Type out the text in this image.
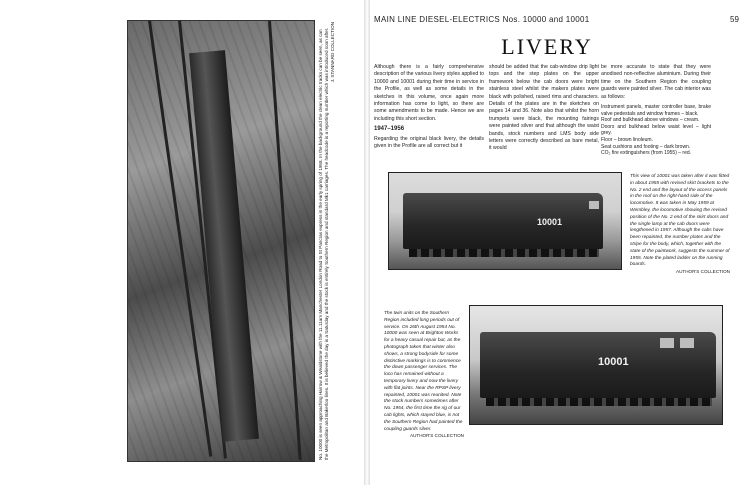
No. 10000 is seen approaching Harrow & Wealdstone with the 11.11am Manchester London Road to St Pancras express in the early spring of 1958. In the background the clean electric tracks can be seen, as can the Metropolitan and Bakerloo lines. It is believed the day is a Saturday and the stock is entirely Southern Region and standard Mk1 carriages. The headcode is a reporting number which was introduced soon after. J. STANNARD COLLECTION
MAIN LINE DIESEL-ELECTRICS Nos. 10000 and 10001	59
LIVERY

Although there is a fairly comprehensive description of the various livery styles applied to 10000 and 10001 during their time in service in the Profile, as well as some details in the sketches in this volume, once again more information has come to light, so there are some amendments to be made. Hence we are including this short section.

1947–1956

Regarding the original black livery, the details given in the Profile are all correct but it

should be added that the cab-window drip light tops and the step plates on the upper framework below the cab doors were bright stainless steel whilst the makers plates were black with polished, raised rims and characters. Details of the plates are in the sketches on pages 14 and 36. Note also that whilst the horn trumpets were black, the mounting fairings were painted silver and that although the waist bands, stock numbers and LMS body side letters were correctly described as bare metal, it would

be more accurate to state that they were anodised non-reflective aluminium. During their time on the Southern Region the coupling guards were painted silver. The cab interior was as follows:

Instrument panels, master controller base, brake valve pedestals and window frames – black.
Roof and bulkhead above windows – cream.
Doors and bulkhead below waist level – light grey.
Floor – brown linoleum.
Seat cushions and footing – dark brown.
CO₂ fire extinguishers (from 1955) – red.
10001
This view of 10001 was taken after it was fitted in about 1955 with revised skirt brackets to the No. 2 end and the layout of the access panels in the roof on the right-hand side of the locomotive. It was taken in May 1959 at Wembley, the locomotive showing the revised position of the No. 2 end of the skirt doors and the single lamp at the cab doors were lengthened in 1957. Although the cabs have been repainted, the number plates and the stripe for the body, which, together with the state of the paintwork, suggests the summer of 1955. Note the plated ladder on the running boards.
AUTHOR'S COLLECTION
10001
The twin units on the Southern Region included long periods out of service. On 26th August 1954 No. 10000 was seen at Brighton Works for a heavy casual repair but, as the photograph taken that winter also shows, a strong bodyside for some distinctive markings is to commence the down passenger services. The loco has remained without a temporary livery and now the livery with flat joints. Near the RPSP livery repainted, 10001 was reunited. Note the stock numbers sometimes after No. 1954, the first time the rig of our cab lights, which stayed blue, is not the Southern Region had painted the coupling guards silver.
AUTHOR'S COLLECTION
